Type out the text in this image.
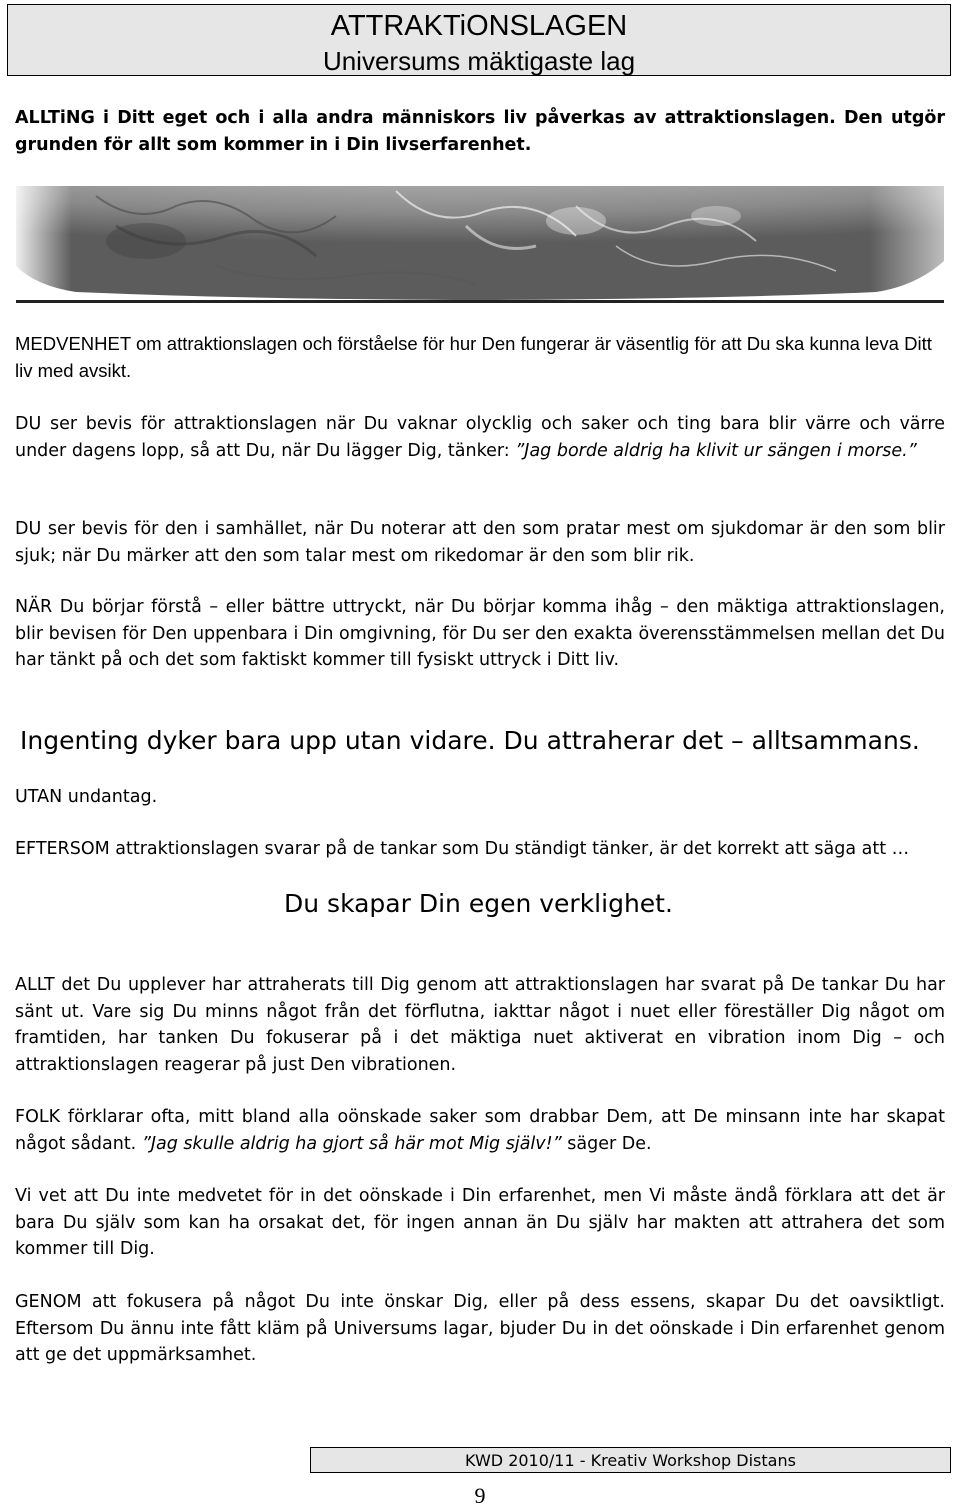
ATTRAKTiONSLAGEN
Universums mäktigaste lag

ALLTiNG i Ditt eget och i alla andra människors liv påverkas av attraktionslagen. Den utgör grunden för allt som kommer in i Din livserfarenhet.

MEDVENHET om attraktionslagen och förståelse för hur Den fungerar är väsentlig för att Du ska kunna leva Ditt liv med avsikt.

DU ser bevis för attraktionslagen när Du vaknar olycklig och saker och ting bara blir värre och värre under dagens lopp, så att Du, när Du lägger Dig, tänker: ”Jag borde aldrig ha klivit ur sängen i morse.”

DU ser bevis för den i samhället, när Du noterar att den som pratar mest om sjukdomar är den som blir sjuk; när Du märker att den som talar mest om rikedomar är den som blir rik.

NÄR Du börjar förstå – eller bättre uttryckt, när Du börjar komma ihåg – den mäktiga attraktionslagen, blir bevisen för Den uppenbara i Din omgivning, för Du ser den exakta överensstämmelsen mellan det Du har tänkt på och det som faktiskt kommer till fysiskt uttryck i Ditt liv.

Ingenting dyker bara upp utan vidare. Du attraherar det – alltsammans.

UTAN undantag.

EFTERSOM attraktionslagen svarar på de tankar som Du ständigt tänker, är det korrekt att säga att …

Du skapar Din egen verklighet.

ALLT det Du upplever har attraherats till Dig genom att attraktionslagen har svarat på De tankar Du har sänt ut. Vare sig Du minns något från det förflutna, iakttar något i nuet eller föreställer Dig något om framtiden, har tanken Du fokuserar på i det mäktiga nuet aktiverat en vibration inom Dig – och attraktionslagen reagerar på just Den vibrationen.

FOLK förklarar ofta, mitt bland alla oönskade saker som drabbar Dem, att De minsann inte har skapat något sådant. ”Jag skulle aldrig ha gjort så här mot Mig själv!” säger De.

Vi vet att Du inte medvetet för in det oönskade i Din erfarenhet, men Vi måste ändå förklara att det är bara Du själv som kan ha orsakat det, för ingen annan än Du själv har makten att attrahera det som kommer till Dig.

GENOM att fokusera på något Du inte önskar Dig, eller på dess essens, skapar Du det oavsiktligt. Eftersom Du ännu inte fått kläm på Universums lagar, bjuder Du in det oönskade i Din erfarenhet genom att ge det uppmärksamhet.

KWD 2010/11 - Kreativ Workshop Distans
9
